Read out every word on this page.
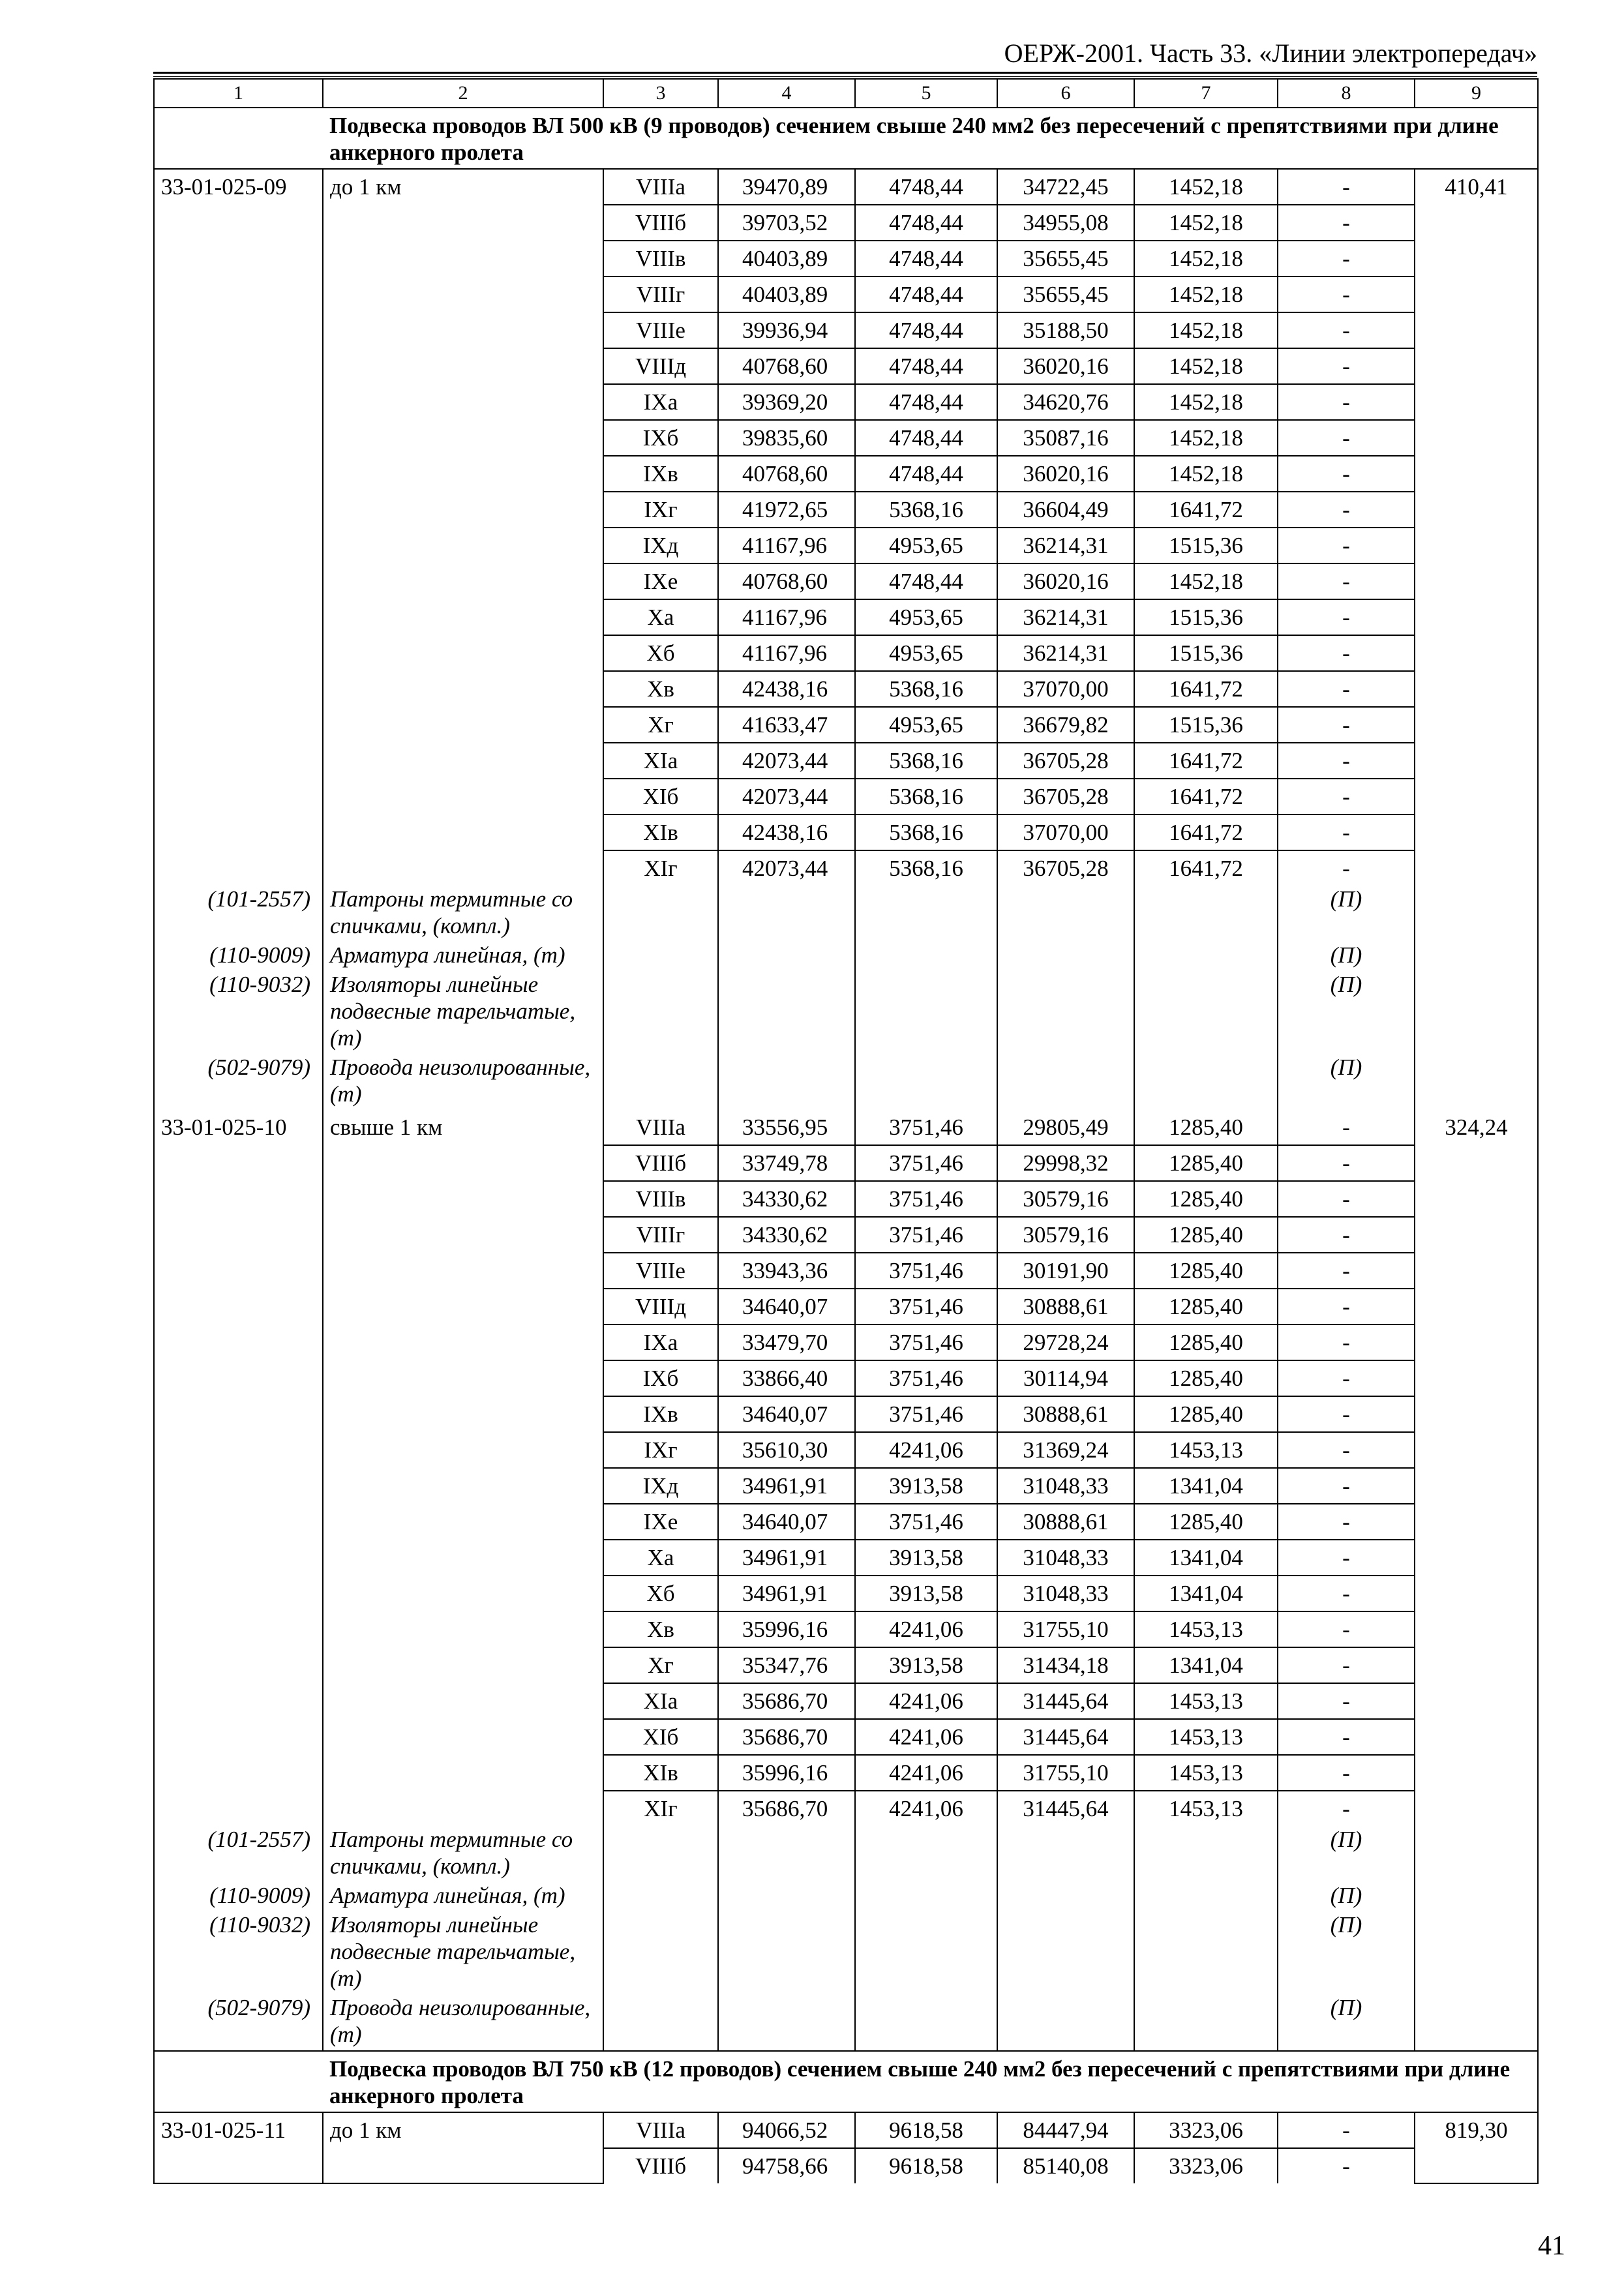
ОЕРЖ-2001. Часть 33. «Линии электропередач»
1	2	3	4	5	6	7	8	9
	Подвеска проводов ВЛ 500 кВ (9 проводов) сечением свыше 240 мм2 без пересечений с препятствиями при длине анкерного пролета							
33-01-025-09	до 1 км	VIIIа	39470,89	4748,44	34722,45	1452,18	-	410,41
		VIIIб	39703,52	4748,44	34955,08	1452,18	-	
		VIIIв	40403,89	4748,44	35655,45	1452,18	-	
		VIIIг	40403,89	4748,44	35655,45	1452,18	-	
		VIIIе	39936,94	4748,44	35188,50	1452,18	-	
		VIIIд	40768,60	4748,44	36020,16	1452,18	-	
		IXа	39369,20	4748,44	34620,76	1452,18	-	
		IXб	39835,60	4748,44	35087,16	1452,18	-	
		IXв	40768,60	4748,44	36020,16	1452,18	-	
		IXг	41972,65	5368,16	36604,49	1641,72	-	
		IXд	41167,96	4953,65	36214,31	1515,36	-	
		IXе	40768,60	4748,44	36020,16	1452,18	-	
		Xа	41167,96	4953,65	36214,31	1515,36	-	
		Xб	41167,96	4953,65	36214,31	1515,36	-	
		Xв	42438,16	5368,16	37070,00	1641,72	-	
		Xг	41633,47	4953,65	36679,82	1515,36	-	
		XIа	42073,44	5368,16	36705,28	1641,72	-	
		XIб	42073,44	5368,16	36705,28	1641,72	-	
		XIв	42438,16	5368,16	37070,00	1641,72	-	
		XIг	42073,44	5368,16	36705,28	1641,72	-	
(101-2557)	Патроны термитные со спичками, (компл.)						(П)	
(110-9009)	Арматура линейная, (т)						(П)	
(110-9032)	Изоляторы линейные подвесные тарельчатые, (т)						(П)	
(502-9079)	Провода неизолированные, (т)						(П)	
33-01-025-10	свыше 1 км	VIIIа	33556,95	3751,46	29805,49	1285,40	-	324,24
		VIIIб	33749,78	3751,46	29998,32	1285,40	-	
		VIIIв	34330,62	3751,46	30579,16	1285,40	-	
		VIIIг	34330,62	3751,46	30579,16	1285,40	-	
		VIIIе	33943,36	3751,46	30191,90	1285,40	-	
		VIIIд	34640,07	3751,46	30888,61	1285,40	-	
		IXа	33479,70	3751,46	29728,24	1285,40	-	
		IXб	33866,40	3751,46	30114,94	1285,40	-	
		IXв	34640,07	3751,46	30888,61	1285,40	-	
		IXг	35610,30	4241,06	31369,24	1453,13	-	
		IXд	34961,91	3913,58	31048,33	1341,04	-	
		IXе	34640,07	3751,46	30888,61	1285,40	-	
		Xа	34961,91	3913,58	31048,33	1341,04	-	
		Xб	34961,91	3913,58	31048,33	1341,04	-	
		Xв	35996,16	4241,06	31755,10	1453,13	-	
		Xг	35347,76	3913,58	31434,18	1341,04	-	
		XIа	35686,70	4241,06	31445,64	1453,13	-	
		XIб	35686,70	4241,06	31445,64	1453,13	-	
		XIв	35996,16	4241,06	31755,10	1453,13	-	
		XIг	35686,70	4241,06	31445,64	1453,13	-	
(101-2557)	Патроны термитные со спичками, (компл.)						(П)	
(110-9009)	Арматура линейная, (т)						(П)	
(110-9032)	Изоляторы линейные подвесные тарельчатые, (т)						(П)	
(502-9079)	Провода неизолированные, (т)						(П)	
	Подвеска проводов ВЛ 750 кВ (12 проводов) сечением свыше 240 мм2 без пересечений с препятствиями при длине анкерного пролета							
33-01-025-11	до 1 км	VIIIа	94066,52	9618,58	84447,94	3323,06	-	819,30
		VIIIб	94758,66	9618,58	85140,08	3323,06	-	
41
